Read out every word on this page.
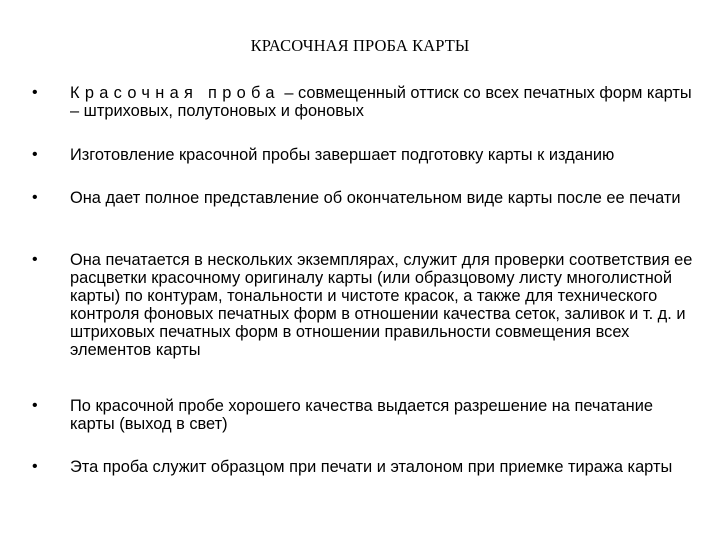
КРАСОЧНАЯ ПРОБА КАРТЫ
• Красочная проба – совмещенный оттиск со всех печатных форм карты – штриховых, полутоновых и фоновых
• Изготовление красочной пробы завершает подготовку карты к изданию
• Она дает полное представление об окончательном виде карты после ее печати
• Она печатается в нескольких экземплярах, служит для проверки соответствия ее расцветки красочному оригиналу карты (или образцовому листу многолистной карты) по контурам, тональности и чистоте красок, а также для технического контроля фоновых печатных форм в отношении качества сеток, заливок и т. д. и штриховых печатных форм в отношении правильности совмещения всех элементов карты
• По красочной пробе хорошего качества выдается разрешение на печатание карты (выход в свет)
• Эта проба служит образцом при печати и эталоном при приемке тиража карты
